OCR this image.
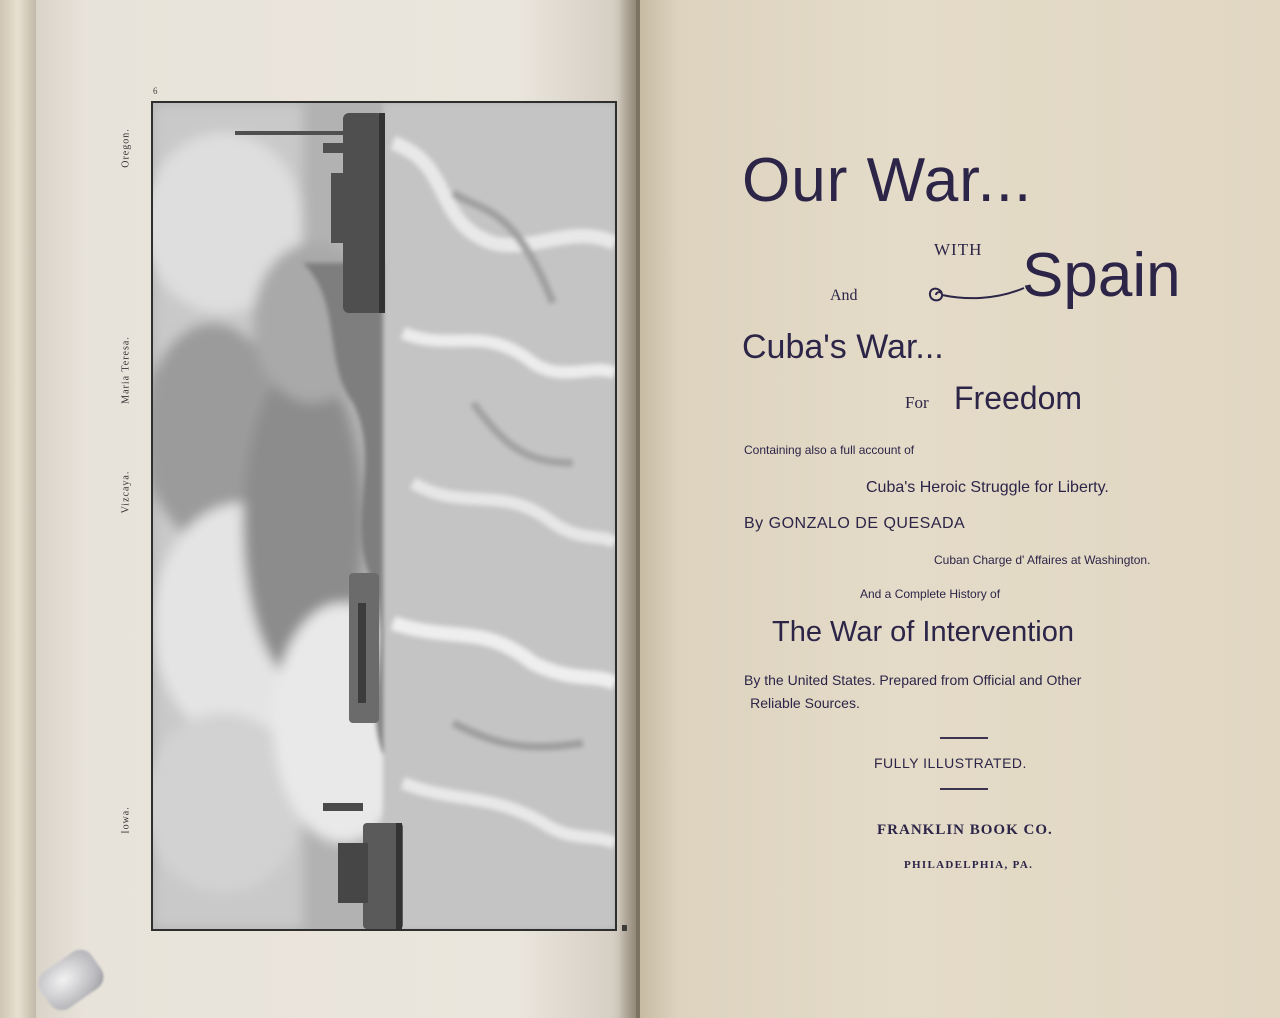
6
Oregon.
Maria Teresa.
Vizcaya.
Iowa.
Our War...
WITH
And	Spain
Cuba's War...
For Freedom
Containing also a full account of
Cuba's Heroic Struggle for Liberty.
By GONZALO DE QUESADA
Cuban Charge d' Affaires at Washington.
And a Complete History of
The War of Intervention
By the United States. Prepared from Official and Other
Reliable Sources.
FULLY ILLUSTRATED.
FRANKLIN BOOK CO.
PHILADELPHIA, PA.
